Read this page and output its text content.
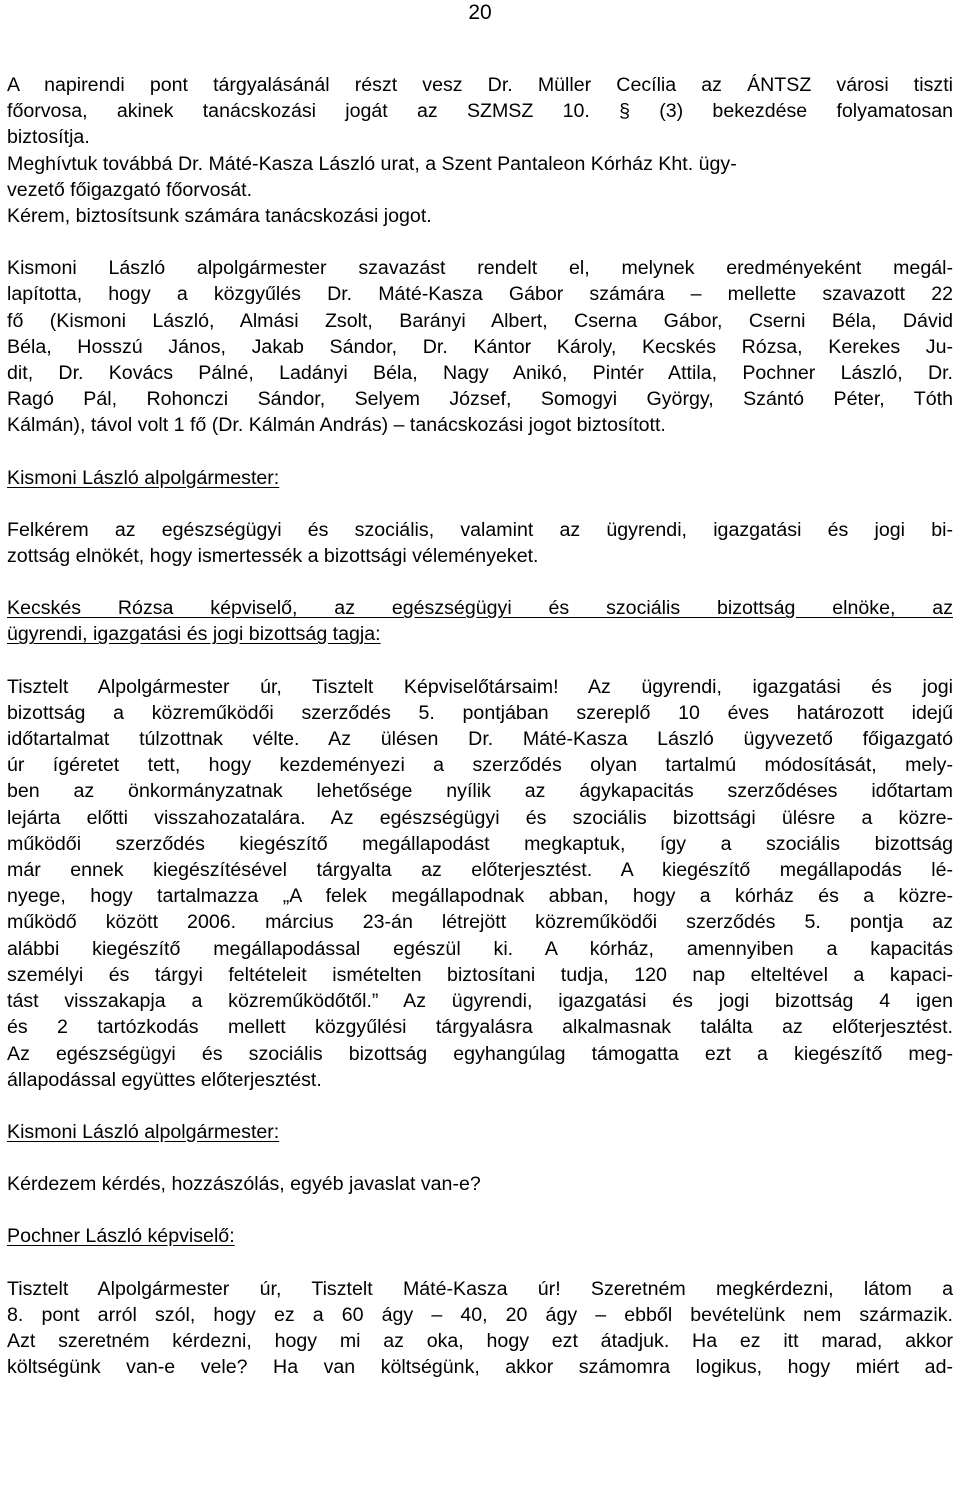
20

A napirendi pont tárgyalásánál részt vesz Dr. Müller Cecília az ÁNTSZ városi tiszti
főorvosa, akinek tanácskozási jogát az SZMSZ 10. § (3) bekezdése folyamatosan
biztosítja.
Meghívtuk továbbá Dr. Máté-Kasza László urat, a Szent Pantaleon Kórház Kht. ügy-
vezető főigazgató főorvosát.
Kérem, biztosítsunk számára tanácskozási jogot.

Kismoni László alpolgármester szavazást rendelt el, melynek eredményeként megál-
lapította, hogy a közgyűlés Dr. Máté-Kasza Gábor számára – mellette szavazott 22
fő (Kismoni László, Almási Zsolt, Barányi Albert, Cserna Gábor, Cserni Béla, Dávid
Béla, Hosszú János, Jakab Sándor, Dr. Kántor Károly, Kecskés Rózsa, Kerekes Ju-
dit, Dr. Kovács Pálné, Ladányi Béla, Nagy Anikó, Pintér Attila, Pochner László, Dr.
Ragó Pál, Rohonczi Sándor, Selyem József, Somogyi György, Szántó Péter, Tóth
Kálmán), távol volt 1 fő (Dr. Kálmán András) – tanácskozási jogot biztosított.

Kismoni László alpolgármester:

Felkérem az egészségügyi és szociális, valamint az ügyrendi, igazgatási és jogi bi-
zottság elnökét, hogy ismertessék a bizottsági véleményeket.

Kecskés Rózsa képviselő, az egészségügyi és szociális bizottság elnöke, az
ügyrendi, igazgatási és jogi bizottság tagja:

Tisztelt Alpolgármester úr, Tisztelt Képviselőtársaim! Az ügyrendi, igazgatási és jogi
bizottság a közreműködői szerződés 5. pontjában szereplő 10 éves határozott idejű
időtartalmat túlzottnak vélte. Az ülésen Dr. Máté-Kasza László ügyvezető főigazgató
úr ígéretet tett, hogy kezdeményezi a szerződés olyan tartalmú módosítását, mely-
ben az önkormányzatnak lehetősége nyílik az ágykapacitás szerződéses időtartam
lejárta előtti visszahozatalára. Az egészségügyi és szociális bizottsági ülésre a közre-
működői szerződés kiegészítő megállapodást megkaptuk, így a szociális bizottság
már ennek kiegészítésével tárgyalta az előterjesztést. A kiegészítő megállapodás lé-
nyege, hogy tartalmazza „A felek megállapodnak abban, hogy a kórház és a közre-
működő között 2006. március 23-án létrejött közreműködői szerződés 5. pontja az
alábbi kiegészítő megállapodással egészül ki. A kórház, amennyiben a kapacitás
személyi és tárgyi feltételeit ismételten biztosítani tudja, 120 nap elteltével a kapaci-
tást visszakapja a közreműködőtől.” Az ügyrendi, igazgatási és jogi bizottság 4 igen
és 2 tartózkodás mellett közgyűlési tárgyalásra alkalmasnak találta az előterjesztést.
Az egészségügyi és szociális bizottság egyhangúlag támogatta ezt a kiegészítő meg-
állapodással együttes előterjesztést.

Kismoni László alpolgármester:

Kérdezem kérdés, hozzászólás, egyéb javaslat van-e?

Pochner László képviselő:

Tisztelt Alpolgármester úr, Tisztelt Máté-Kasza úr! Szeretném megkérdezni, látom a
8. pont arról szól, hogy ez a 60 ágy – 40, 20 ágy – ebből bevételünk nem származik.
Azt szeretném kérdezni, hogy mi az oka, hogy ezt átadjuk. Ha ez itt marad, akkor
költségünk van-e vele? Ha van költségünk, akkor számomra logikus, hogy miért ad-
